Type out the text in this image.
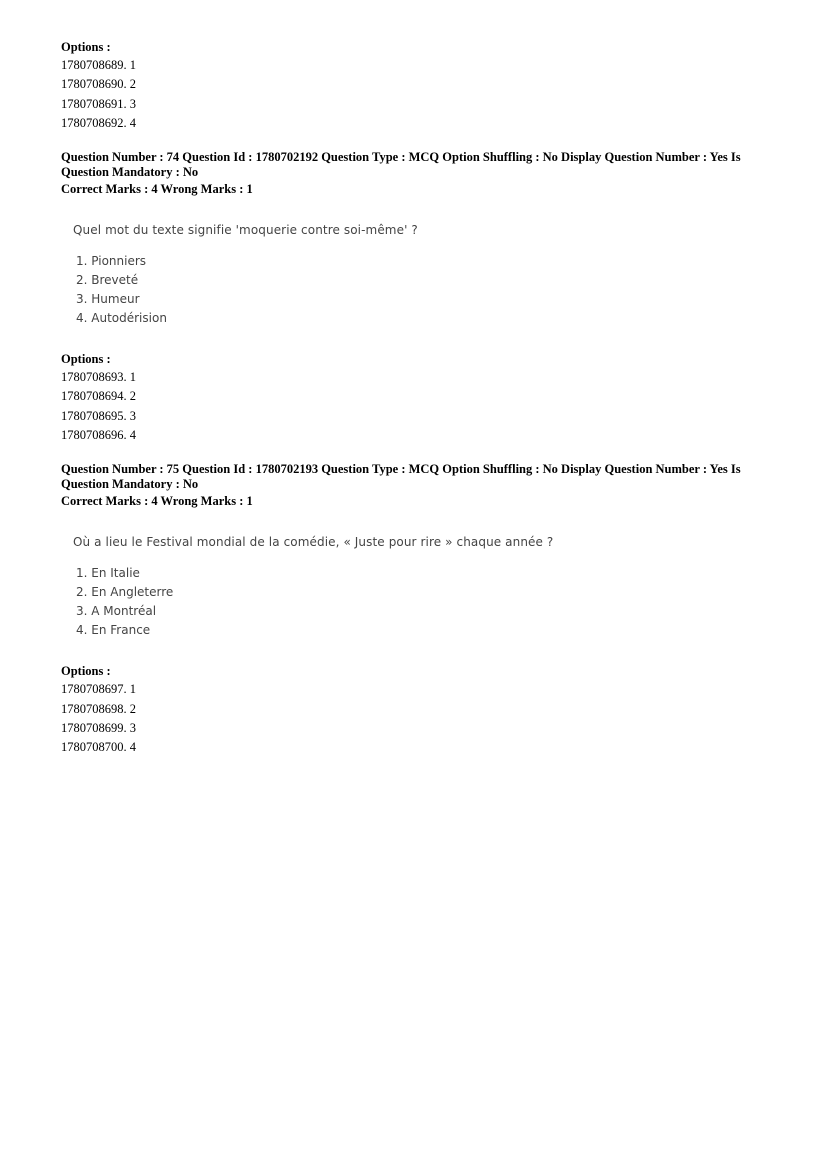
Options :
1780708689. 1
1780708690. 2
1780708691. 3
1780708692. 4
Question Number : 74 Question Id : 1780702192 Question Type : MCQ Option Shuffling : No Display Question Number : Yes Is Question Mandatory : No
Correct Marks : 4 Wrong Marks : 1
Quel mot du texte signifie 'moquerie contre soi-même' ?
1. Pionniers
2. Breveté
3. Humeur
4. Autodérision
Options :
1780708693. 1
1780708694. 2
1780708695. 3
1780708696. 4
Question Number : 75 Question Id : 1780702193 Question Type : MCQ Option Shuffling : No Display Question Number : Yes Is Question Mandatory : No
Correct Marks : 4 Wrong Marks : 1
Où a lieu le Festival mondial de la comédie, « Juste pour rire » chaque année ?
1. En Italie
2. En Angleterre
3. A Montréal
4. En France
Options :
1780708697. 1
1780708698. 2
1780708699. 3
1780708700. 4
